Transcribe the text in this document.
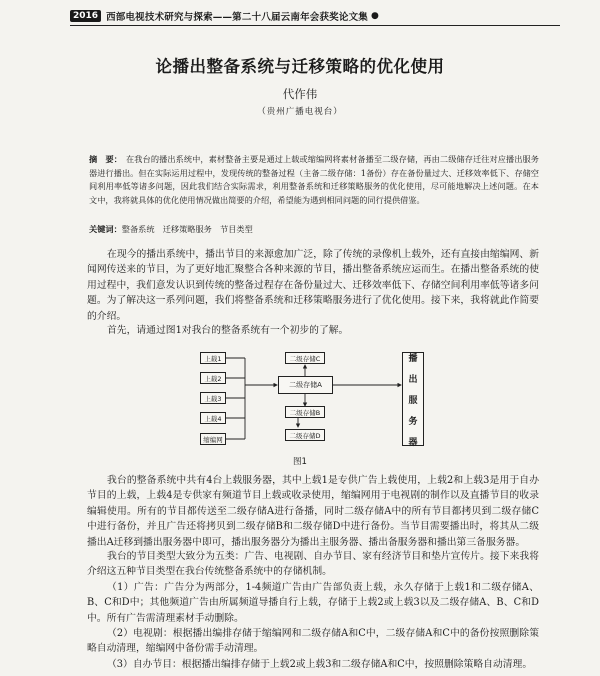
2016 西部电视技术研究与探索——第二十八届云南年会获奖论文集 ●
论播出整备系统与迁移策略的优化使用
代作伟
（贵州广播电视台）
摘　要： 在我台的播出系统中，素材整备主要是通过上载或缩编网将素材备播至二级存储，再由二级储存迁往对应播出服务器进行播出。但在实际运用过程中，发现传统的整备过程（主备二级存储：1备份）存在备份量过大、迁移效率低下、存储空间利用率低等诸多问题，因此我们结合实际需求，利用整备系统和迁移策略服务的优化使用，尽可能地解决上述问题。在本文中，我将就具体的优化使用情况做出简要的介绍，希望能为遇到相同问题的同行提供借鉴。
关键词：整备系统　迁移策略服务　节目类型
在现今的播出系统中，播出节目的来源愈加广泛，除了传统的录像机上载外，还有直接由缩编网、新闻网传送来的节目，为了更好地汇聚整合各种来源的节目，播出整备系统应运而生。在播出整备系统的使用过程中，我们意发认识到传统的整备过程存在备份量过大、迁移效率低下、存储空间利用率低等诸多问题。为了解决这一系列问题，我们将整备系统和迁移策略服务进行了优化使用。接下来，我将就此作简要的介绍。
首先，请通过图1对我台的整备系统有一个初步的了解。
上载1
上载2
上载3
上载4
缩编网
二级存储C
二级存储A
二级存储B
二级存储D
播
出
服
务
器
图1
我台的整备系统中共有4台上载服务器，其中上载1是专供广告上载使用，上载2和上载3是用于自办节目的上载，上载4是专供家有频道节目上载或收录使用，缩编网用于电视剧的制作以及直播节目的收录编辑使用。所有的节目都传送至二级存储A进行备播，同时二级存储A中的所有节目都拷贝到二级存储C中进行备份，并且广告还将拷贝到二级存储B和二级存储D中进行备份。当节目需要播出时，将其从二级播出A迁移到播出服务器中即可，播出服务器分为播出主服务器、播出备服务器和播出第三备服务器。
我台的节目类型大致分为五类：广告、电视剧、自办节目、家有经济节目和垫片宣传片。接下来我将介绍这五种节目类型在我台传统整备系统中的存储机制。
（1）广告：广告分为两部分，1-4频道广告由广告部负责上载，永久存储于上载1和二级存储A、B、C和D中；其他频道广告由所属频道导播自行上载，存储于上载2或上载3以及二级存储A、B、C和D中。所有广告需清理素材手动删除。
（2）电视剧：根据播出编排存储于缩编网和二级存储A和C中，二级存储A和C中的备份按照删除策略自动清理，缩编网中备份需手动清理。
（3）自办节目：根据播出编排存储于上载2或上载3和二级存储A和C中，按照删除策略自动清理。
